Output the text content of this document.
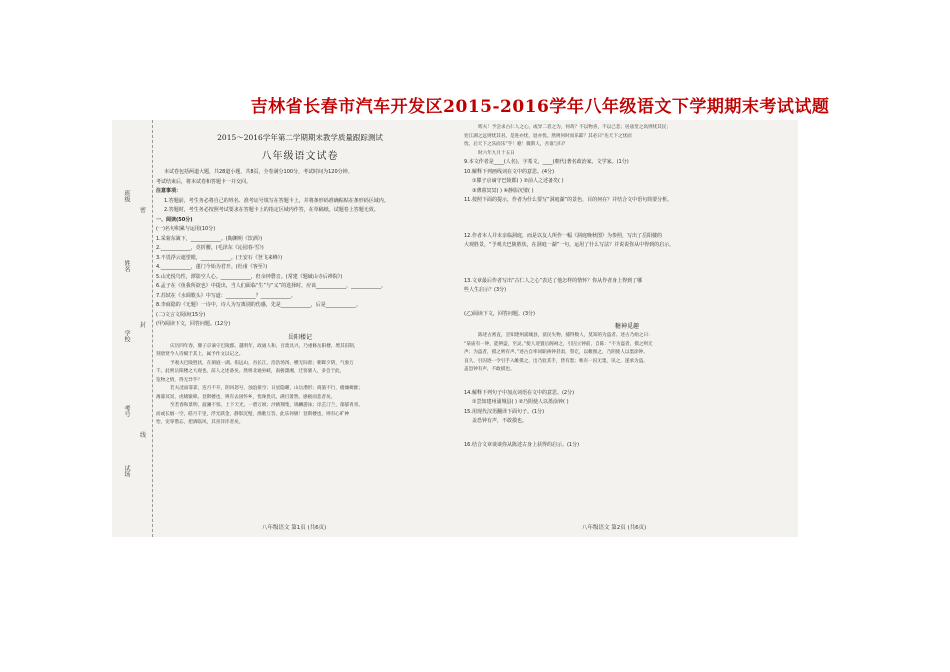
吉林省长春市汽车开发区2015-2016学年八年级语文下学期期末考试试题
班级
姓名
学校
考号
试场
密
封
线
2015～2016学年第二学期期末教学质量跟踪测试
八年级语文试卷
本试卷包括两道大题，共28道小题，共8页，全卷满分100分，考试时间为120分钟。
考试结束后，将本试卷和答题卡一并交回。
注意事项：
1.答题前，考生务必将自己的姓名、准考证号填写在答题卡上，并将条形码准确粘贴在条形码区域内。
2.答题时，考生务必按照考试要求在答题卡上的指定区域内作答，在草稿纸、试题卷上答题无效。
一、阅读(50分)
(一)名句积累与运用(10分)
1.采菊东篱下，____________。(陶渊明《饮酒》)
2.____________，竞折腰。(毛泽东《沁园春·雪》)
3.不畏浮云遮望眼，____________。(王安石《登飞来峰》)
4.____________，蓬门今始为君开。(杜甫《客至》)
5.山光悦鸟性，潭影空人心。____________，但余钟磬音。(常建《题破山寺后禅院》)
6.孟子在《鱼我所欲也》中提出，当人们面临“生”与“义”的选择时，应该____________，____________。
7.苏轼在《水调歌头》中写道：____________？____________。
8.李商隐的《无题》一诗中，诗人为写离别的伤感，先是____________，后是____________。
(二)文言文阅读(15分)
(甲)阅读下文，回答问题。(12分)
岳阳楼记
庆历四年春，滕子京谪守巴陵郡。越明年，政通人和，百废具兴，乃重修岳阳楼，增其旧制，
刻唐贤今人诗赋于其上，属予作文以记之。
予观夫巴陵胜状，在洞庭一湖。衔远山，吞长江，浩浩汤汤，横无际涯；朝晖夕阴，气象万
千。此则岳阳楼之大观也，前人之述备矣。然则北通巫峡，南极潇湘，迁客骚人，多会于此，
览物之情，得无异乎？
若夫淫雨霏霏，连月不开，阴风怒号，浊浪排空；日星隐曜，山岳潜形；商旅不行，樯倾楫摧；
薄暮冥冥，虎啸猿啼。登斯楼也，则有去国怀乡，忧谗畏讥，满目萧然，感极而悲者矣。
至若春和景明，波澜不惊，上下天光，一碧万顷；沙鸥翔集，锦鳞游泳；岸芷汀兰，郁郁青青。
而或长烟一空，皓月千里，浮光跃金，静影沉璧，渔歌互答，此乐何极！登斯楼也，则有心旷神
怡，宠辱偕忘，把酒临风，其喜洋洋者矣。
八年级语文 第1页 (共6页)
嗟夫！予尝求古仁人之心，或异二者之为，何哉？不以物喜，不以己悲；居庙堂之高则忧其民；
处江湖之远则忧其君。是进亦忧，退亦忧。然则何时而乐耶？其必曰“先天下之忧而
忧，后天下之乐而乐”乎！噫！微斯人，吾谁与归？
时六年九月十五日
9.本文作者是____(人名)，字希文，____(朝代)著名政治家、文学家。(1分)
10.解释下列画线词在文中的意思。(4分)
①滕子京谪守巴陵郡( ) ②前人之述备矣( )
③薄暮冥冥( ) ④静影沉璧( )
11.按照下面的提示，作者为什么要写“洞庭湖”的景色，目的何在？并结合文中语句简要分析。
12.作者本人并未亲临洞庭，而是以友人所作一幅《洞庭晚秋图》为参照，写出了岳阳楼的
大观胜景，“予观夫巴陵胜状，在洞庭一湖”一句，运用了什么写法？并说说你从中得到的启示。
13.文章最后作者写出“古仁人之心”表达了他怎样的情怀？你从作者身上得到了哪
些人生启示？(3分)
(乙)阅读下文，回答问题。(3分)
糖神觅趣
陈述古密直，尝知建州浦城县，富民失物，捕得数人，莫知的为盗者。述古乃绐之曰：
“某庙有一钟，能辨盗，至灵。”使人迎置后阁祠之，引囚立钟前，自陈：“不为盗者，摸之则无
声；为盗者，摸之则有声。”述古自率同职祷钟甚肃，祭讫，以帷围之，乃阴使人以墨涂钟。
良久，引囚逐一令引手入帷摸之，出乃验其手，皆有墨；唯有一囚无墨，讯之，遂承为盗。
盖恐钟有声，不敢摸也。
14.解释下列句子中加点词语在文中的意思。(2分)
①尝知建州浦城县( ) ②乃阴使人以墨涂钟( )
15.用现代汉语翻译下面句子。(1分)
盖恐钟有声，不敢摸也。
16.结合文章谈谈你从陈述古身上获得的启示。(1分)
八年级语文 第2页 (共6页)
